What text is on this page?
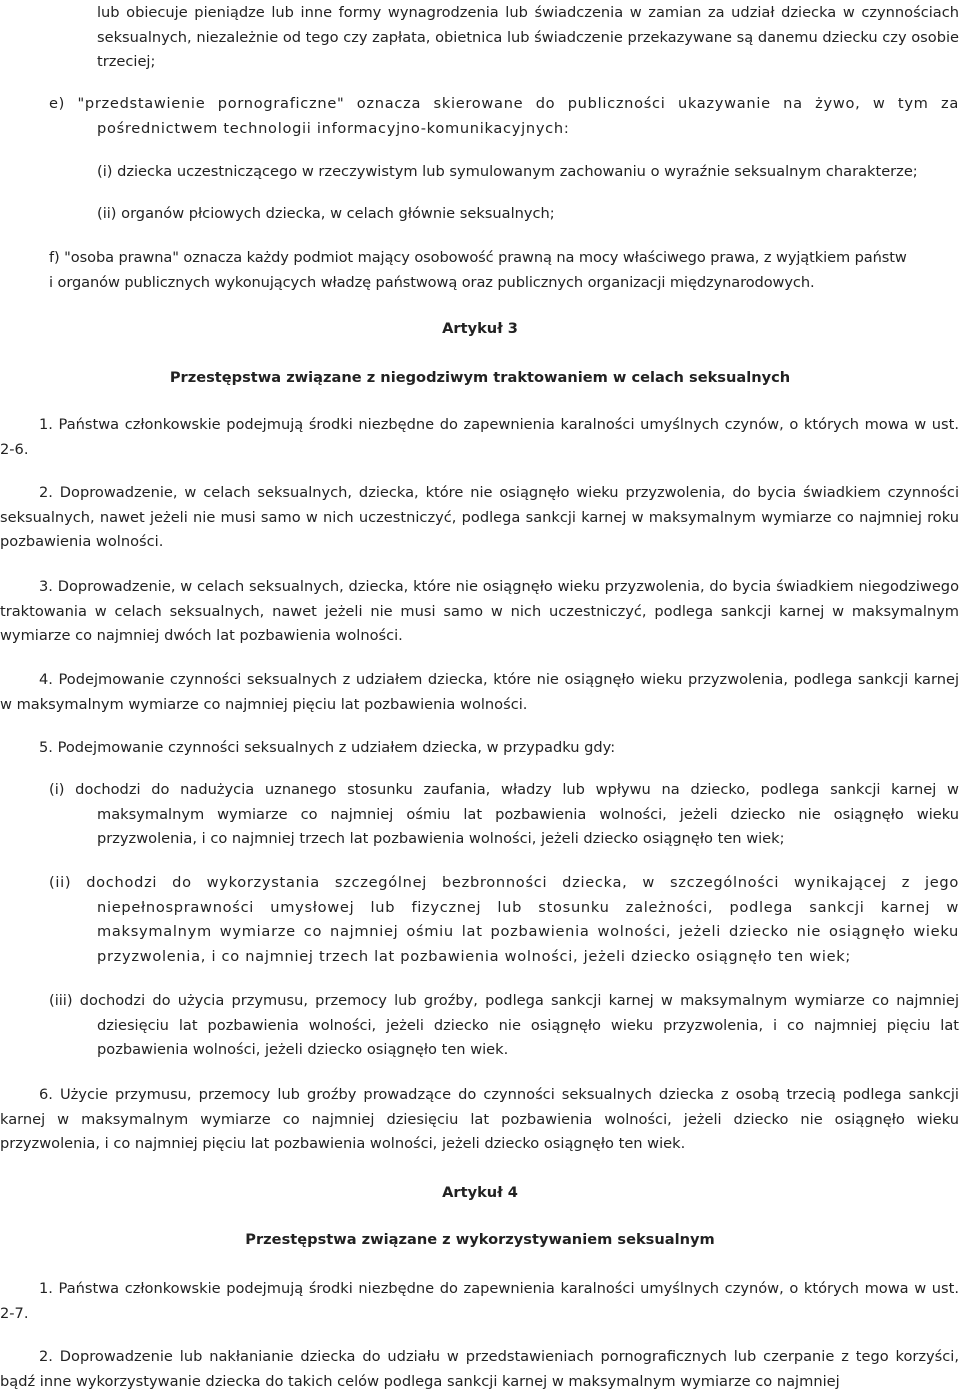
lub obiecuje pieniądze lub inne formy wynagrodzenia lub świadczenia w zamian za udział dziecka w czynnościach seksualnych, niezależnie od tego czy zapłata, obietnica lub świadczenie przekazywane są danemu dziecku czy osobie trzeciej;

e) "przedstawienie pornograficzne" oznacza skierowane do publiczności ukazywanie na żywo, w tym za pośrednictwem technologii informacyjno-komunikacyjnych:

(i) dziecka uczestniczącego w rzeczywistym lub symulowanym zachowaniu o wyraźnie seksualnym charakterze;

(ii) organów płciowych dziecka, w celach głównie seksualnych;

f) "osoba prawna" oznacza każdy podmiot mający osobowość prawną na mocy właściwego prawa, z wyjątkiem państw
i organów publicznych wykonujących władzę państwową oraz publicznych organizacji międzynarodowych.

Artykuł 3

Przestępstwa związane z niegodziwym traktowaniem w celach seksualnych

1. Państwa członkowskie podejmują środki niezbędne do zapewnienia karalności umyślnych czynów, o których mowa w ust. 2-6.

2. Doprowadzenie, w celach seksualnych, dziecka, które nie osiągnęło wieku przyzwolenia, do bycia świadkiem czynności seksualnych, nawet jeżeli nie musi samo w nich uczestniczyć, podlega sankcji karnej w maksymalnym wymiarze co najmniej roku pozbawienia wolności.

3. Doprowadzenie, w celach seksualnych, dziecka, które nie osiągnęło wieku przyzwolenia, do bycia świadkiem niegodziwego traktowania w celach seksualnych, nawet jeżeli nie musi samo w nich uczestniczyć, podlega sankcji karnej w maksymalnym wymiarze co najmniej dwóch lat pozbawienia wolności.

4. Podejmowanie czynności seksualnych z udziałem dziecka, które nie osiągnęło wieku przyzwolenia, podlega sankcji karnej w maksymalnym wymiarze co najmniej pięciu lat pozbawienia wolności.

5. Podejmowanie czynności seksualnych z udziałem dziecka, w przypadku gdy:

(i) dochodzi do nadużycia uznanego stosunku zaufania, władzy lub wpływu na dziecko, podlega sankcji karnej w maksymalnym wymiarze co najmniej ośmiu lat pozbawienia wolności, jeżeli dziecko nie osiągnęło wieku przyzwolenia, i co najmniej trzech lat pozbawienia wolności, jeżeli dziecko osiągnęło ten wiek;

(ii) dochodzi do wykorzystania szczególnej bezbronności dziecka, w szczególności wynikającej z jego niepełnosprawności umysłowej lub fizycznej lub stosunku zależności, podlega sankcji karnej w maksymalnym wymiarze co najmniej ośmiu lat pozbawienia wolności, jeżeli dziecko nie osiągnęło wieku przyzwolenia, i co najmniej trzech lat pozbawienia wolności, jeżeli dziecko osiągnęło ten wiek;

(iii) dochodzi do użycia przymusu, przemocy lub groźby, podlega sankcji karnej w maksymalnym wymiarze co najmniej dziesięciu lat pozbawienia wolności, jeżeli dziecko nie osiągnęło wieku przyzwolenia, i co najmniej pięciu lat pozbawienia wolności, jeżeli dziecko osiągnęło ten wiek.

6. Użycie przymusu, przemocy lub groźby prowadzące do czynności seksualnych dziecka z osobą trzecią podlega sankcji karnej w maksymalnym wymiarze co najmniej dziesięciu lat pozbawienia wolności, jeżeli dziecko nie osiągnęło wieku przyzwolenia, i co najmniej pięciu lat pozbawienia wolności, jeżeli dziecko osiągnęło ten wiek.

Artykuł 4

Przestępstwa związane z wykorzystywaniem seksualnym

1. Państwa członkowskie podejmują środki niezbędne do zapewnienia karalności umyślnych czynów, o których mowa w ust. 2-7.

2. Doprowadzenie lub nakłanianie dziecka do udziału w przedstawieniach pornograficznych lub czerpanie z tego korzyści, bądź inne wykorzystywanie dziecka do takich celów podlega sankcji karnej w maksymalnym wymiarze co najmniej
